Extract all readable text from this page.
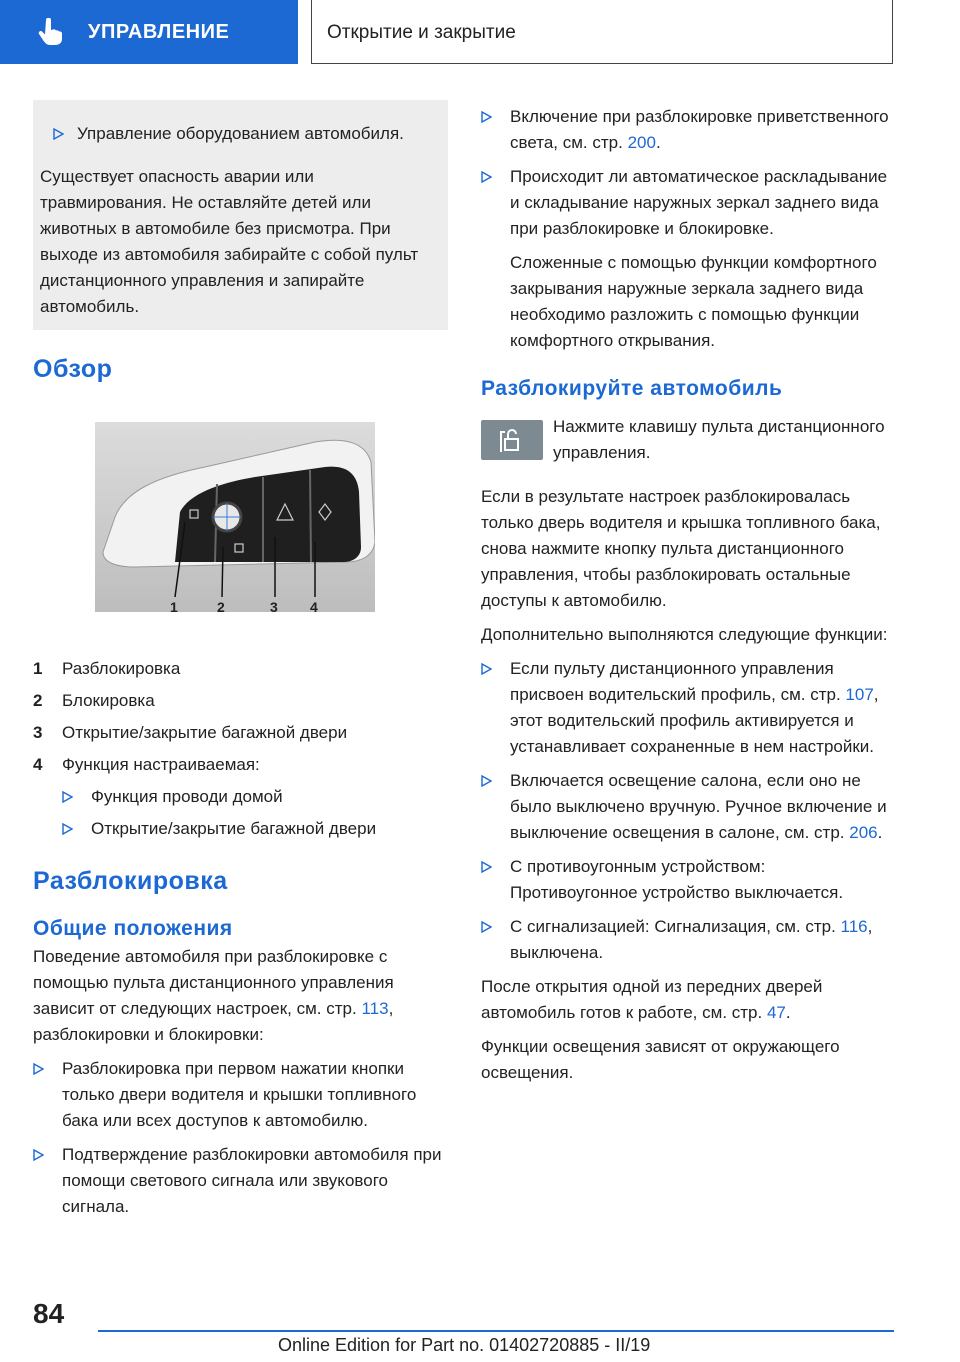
УПРАВЛЕНИЕ	Открытие и закрытие

Управление оборудованием автомобиля.

Существует опасность аварии или травмирования. Не оставляйте детей или животных в автомобиле без присмотра. При выходе из автомобиля забирайте с собой пульт дистанционного управления и запирайте автомобиль.

Обзор
1	2	3 4
1 Разблокировка
2 Блокировка
3 Открытие/закрытие багажной двери
4 Функция настраиваемая:
Функция проводи домой
Открытие/закрытие багажной двери
Разблокировка
Общие положения

Поведение автомобиля при разблокировке с помощью пульта дистанционного управления зависит от следующих настроек, см. стр. 113, разблокировки и блокировки:

Разблокировка при первом нажатии кнопки только двери водителя и крышки топливного бака или всех доступов к автомобилю.

Подтверждение разблокировки автомобиля при помощи светового сигнала или звукового сигнала.

Включение при разблокировке приветственного света, см. стр. 200.

Происходит ли автоматическое раскладывание и складывание наружных зеркал заднего вида при разблокировке и блокировке.

Сложенные с помощью функции комфортного закрывания наружные зеркала заднего вида необходимо разложить с помощью функции комфортного открывания.

Разблокируйте автомобиль

Нажмите клавишу пульта дистанционного управления.

Если в результате настроек разблокировалась только дверь водителя и крышка топливного бака, снова нажмите кнопку пульта дистанционного управления, чтобы разблокировать остальные доступы к автомобилю.

Дополнительно выполняются следующие функции:

Если пульту дистанционного управления присвоен водительский профиль, см. стр. 107, этот водительский профиль активируется и устанавливает сохраненные в нем настройки.

Включается освещение салона, если оно не было выключено вручную. Ручное включение и выключение освещения в салоне, см. стр. 206.

С противоугонным устройством: Противоугонное устройство выключается.

С сигнализацией: Сигнализация, см. стр. 116, выключена.

После открытия одной из передних дверей автомобиль готов к работе, см. стр. 47.

Функции освещения зависят от окружающего освещения.

84
Online Edition for Part no. 01402720885 - II/19
